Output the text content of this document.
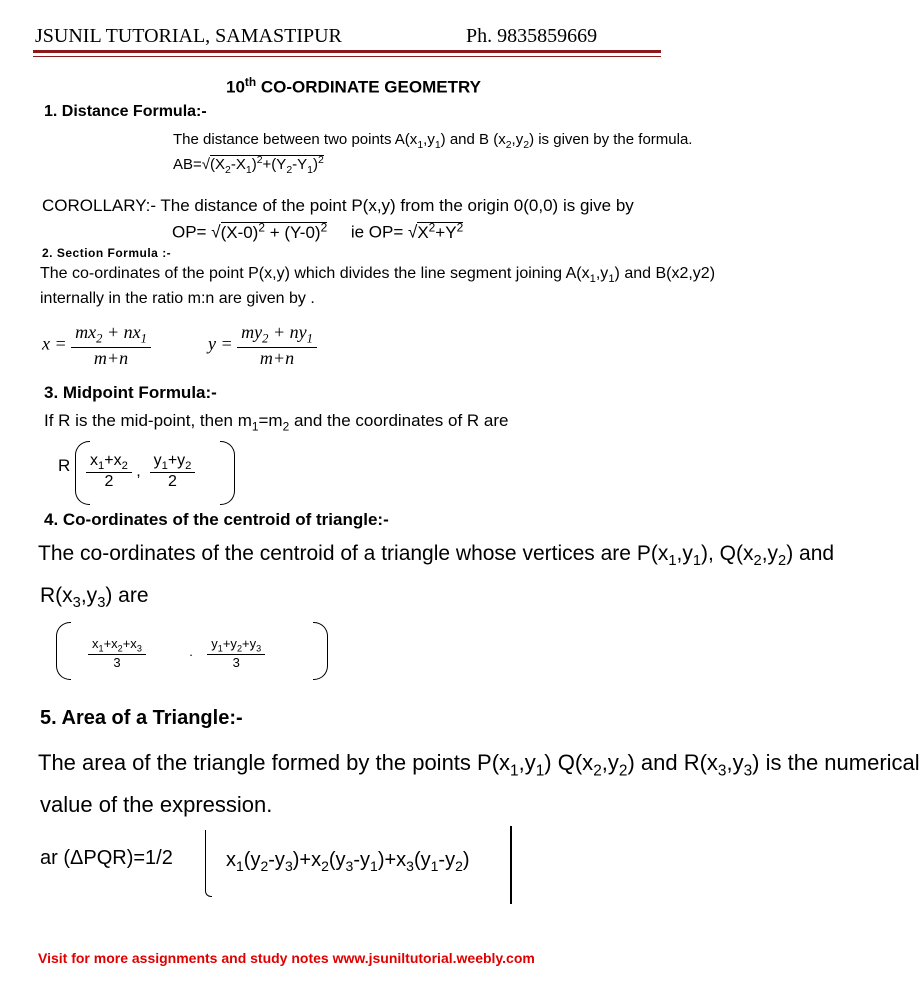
JSUNIL TUTORIAL, SAMASTIPUR	Ph. 9835859669
10th CO-ORDINATE GEOMETRY
1. Distance Formula:-
The distance between two points $A(x_1,y_1)$ and B $(x_2,y_2)$ is given by the formula.
$AB=√(X_2-X_1)^2+(Y_2-Y_1)^2$
COROLLARY:- The distance of the point P(x,y) from the origin 0(0,0) is give by
$OP= √(X-0)^2 + (Y-0)^2$ ie $OP= √X^2+Y^2$
2. Section Formula :-
The co-ordinates of the point P(x,y) which divides the line segment joining $A(x_1,y_1)$ and B(x2,y2)
internally in the ratio m:n are given by .
$x = \frac{mx_2 + nx_1}{m+n}$	$y = \frac{my_2 + ny_1}{m+n}$
3. Midpoint Formula:-
If R is the mid-point, then $m_1=m_2$ and the coordinates of R are
R $\frac{x_1+x_2}{2}$ , $\frac{y_1+y_2}{2}$
4. Co-ordinates of the centroid of triangle:-
The co-ordinates of the centroid of a triangle whose vertices are $P(x_1,y_1)$, $Q(x_2,y_2)$ and
$R(x_3,y_3)$ are
$\frac{x_1+x_2+x_3}{3}$ . $\frac{y_1+y_2+y_3}{3}$
5. Area of a Triangle:-
The area of the triangle formed by the points $P(x_1,y_1)$ $Q(x_2,y_2)$ and $R(x_3,y_3)$ is the numerical
value of the expression.
ar (ΔPQR)=1/2	$x_1(y_2-y_3)+x_2(y_3-y_1)+x_3(y_1-y_2)$
Visit for more assignments and study notes www.jsuniltutorial.weebly.com
